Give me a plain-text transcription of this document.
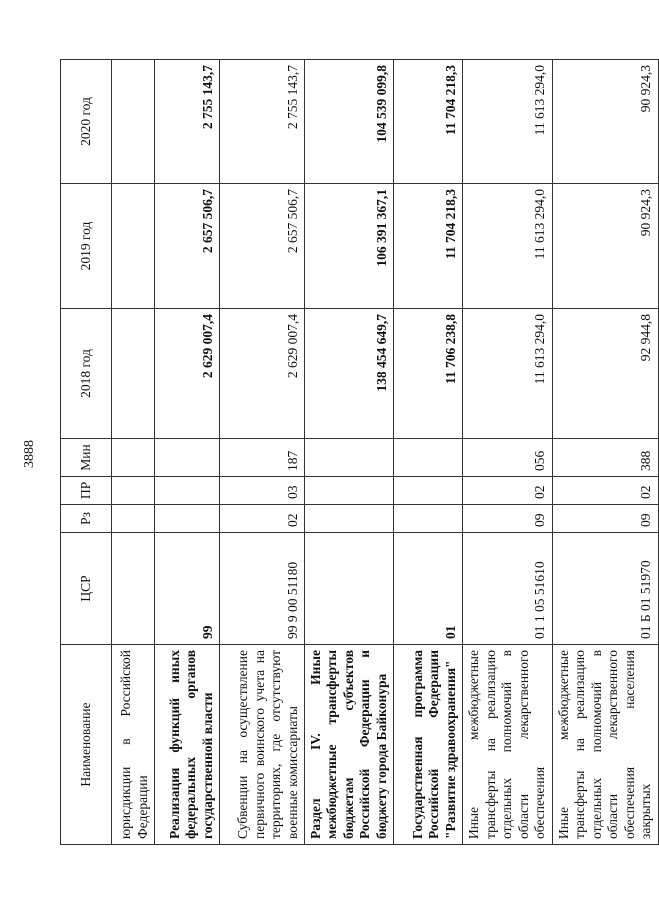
3888
Наименование	ЦСР	Рз	ПР	Мин	2018 год	2019 год	2020 год
юрисдикции в Российской Федерации							
Реализация функций иных федеральных органов государственной власти	99				2 629 007,4	2 657 506,7	2 755 143,7
Субвенции на осуществление первичного воинского учета на территориях, где отсутствуют военные комиссариаты	99 9 00 51180	02	03	187	2 629 007,4	2 657 506,7	2 755 143,7
Раздел IV. Иные межбюджетные трансферты бюджетам субъектов Российской Федерации и бюджету города Байконура					138 454 649,7	106 391 367,1	104 539 099,8
Государственная программа Российской Федерации "Развитие здравоохранения"	01				11 706 238,8	11 704 218,3	11 704 218,3
Иные межбюджетные трансферты на реализацию отдельных полномочий в области лекарственного обеспечения	01 1 05 51610	09	02	056	11 613 294,0	11 613 294,0	11 613 294,0
Иные межбюджетные трансферты на реализацию отдельных полномочий в области лекарственного обеспечения населения закрытых	01 Б 01 51970	09	02	388	92 944,8	90 924,3	90 924,3
